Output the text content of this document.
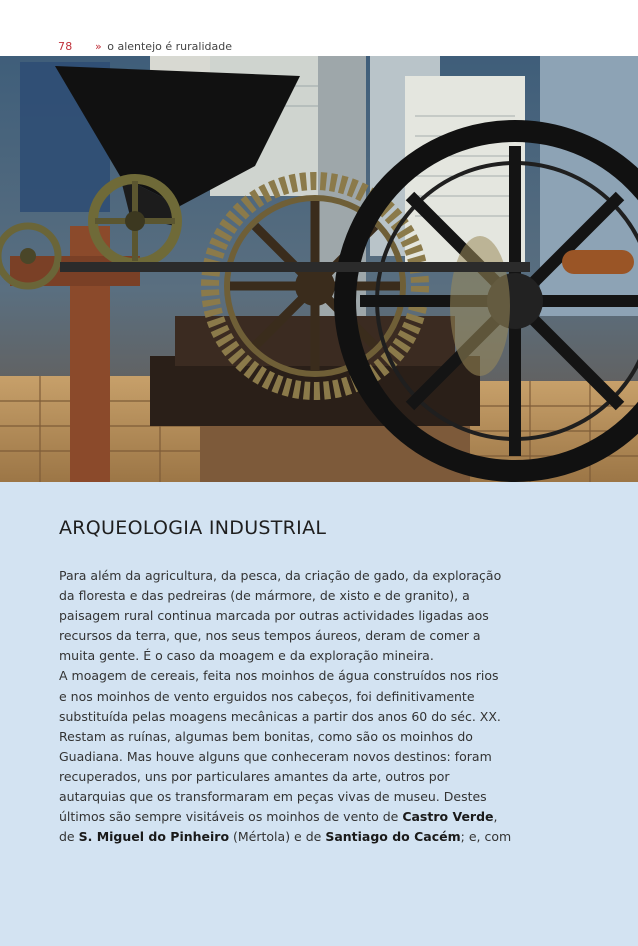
78 » o alentejo é ruralidade
ARQUEOLOGIA INDUSTRIAL

Para além da agricultura, da pesca, da criação de gado, da exploração
da floresta e das pedreiras (de mármore, de xisto e de granito), a
paisagem rural continua marcada por outras actividades ligadas aos
recursos da terra, que, nos seus tempos áureos, deram de comer a
muita gente. É o caso da moagem e da exploração mineira.
A moagem de cereais, feita nos moinhos de água construídos nos rios
e nos moinhos de vento erguidos nos cabeços, foi definitivamente
substituída pelas moagens mecânicas a partir dos anos 60 do séc. XX.
Restam as ruínas, algumas bem bonitas, como são os moinhos do
Guadiana. Mas houve alguns que conheceram novos destinos: foram
recuperados, uns por particulares amantes da arte, outros por
autarquias que os transformaram em peças vivas de museu. Destes
últimos são sempre visitáveis os moinhos de vento de Castro Verde,
de S. Miguel do Pinheiro (Mértola) e de Santiago do Cacém; e, com
